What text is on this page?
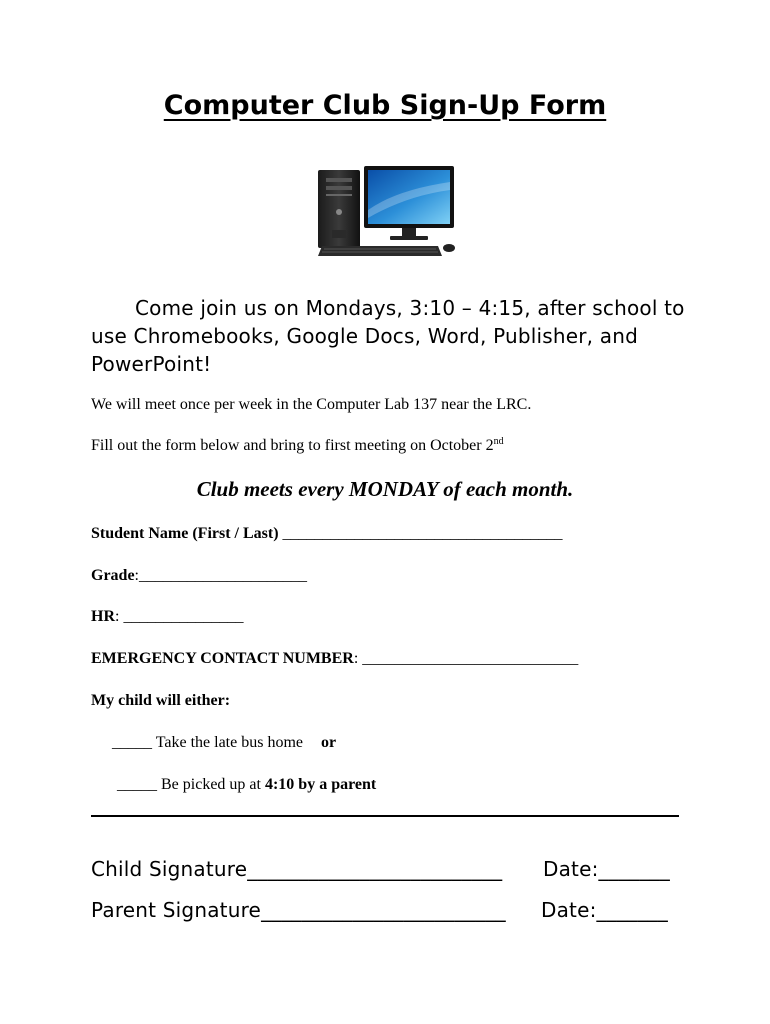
Computer Club Sign-Up Form
Come join us on Mondays, 3:10 – 4:15, after school to use Chromebooks, Google Docs, Word, Publisher, and PowerPoint!
We will meet once per week in the Computer Lab 137 near the LRC.
Fill out the form below and bring to first meeting on October 2nd
Club meets every MONDAY of each month.
Student Name (First / Last) ___________________________________
Grade:_____________________
HR: _______________
EMERGENCY CONTACT NUMBER: ___________________________
My child will either:
_____ Take the late bus home or
_____ Be picked up at 4:10 by a parent
Child Signature_________________________ Date:_______
Parent Signature________________________ Date:_______
